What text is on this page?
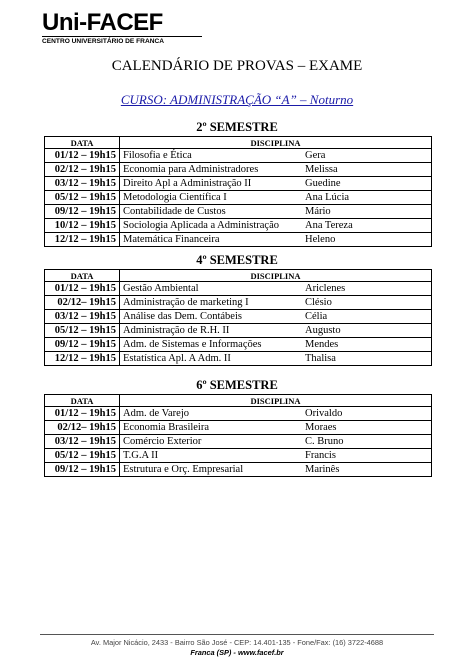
Uni-FACEF
CENTRO UNIVERSITÁRIO DE FRANCA
CALENDÁRIO DE PROVAS – EXAME
CURSO: ADMINISTRAÇÃO “A” – Noturno
2º SEMESTRE
DATA	DISCIPLINA	
01/12 – 19h15	Filosofia e Ética	Gera
02/12 – 19h15	Economia para Administradores	Melissa
03/12 – 19h15	Direito Apl a Administração II	Guedine
05/12 – 19h15	Metodologia Científica I	Ana Lúcia
09/12 – 19h15	Contabilidade de Custos	Mário
10/12 – 19h15	Sociologia Aplicada a Administração	Ana Tereza
12/12 – 19h15	Matemática Financeira	Heleno
4º SEMESTRE
DATA	DISCIPLINA	
01/12 – 19h15	Gestão Ambiental	Ariclenes
02/12– 19h15	Administração de marketing I	Clésio
03/12 – 19h15	Análise das Dem. Contábeis	Célia
05/12 – 19h15	Administração de R.H. II	Augusto
09/12 – 19h15	Adm. de Sistemas e Informações	Mendes
12/12 – 19h15	Estatística Apl. A Adm. II	Thalisa
6º SEMESTRE
DATA	DISCIPLINA	
01/12 – 19h15	Adm. de Varejo	Orivaldo
02/12– 19h15	Economia Brasileira	Moraes
03/12 – 19h15	Comércio Exterior	C. Bruno
05/12 – 19h15	T.G.A II	Francis
09/12 – 19h15	Estrutura e Orç. Empresarial	Marinês
Av. Major Nicácio, 2433 - Bairro São José - CEP: 14.401-135 - Fone/Fax: (16) 3722-4688
Franca (SP) - www.facef.br
